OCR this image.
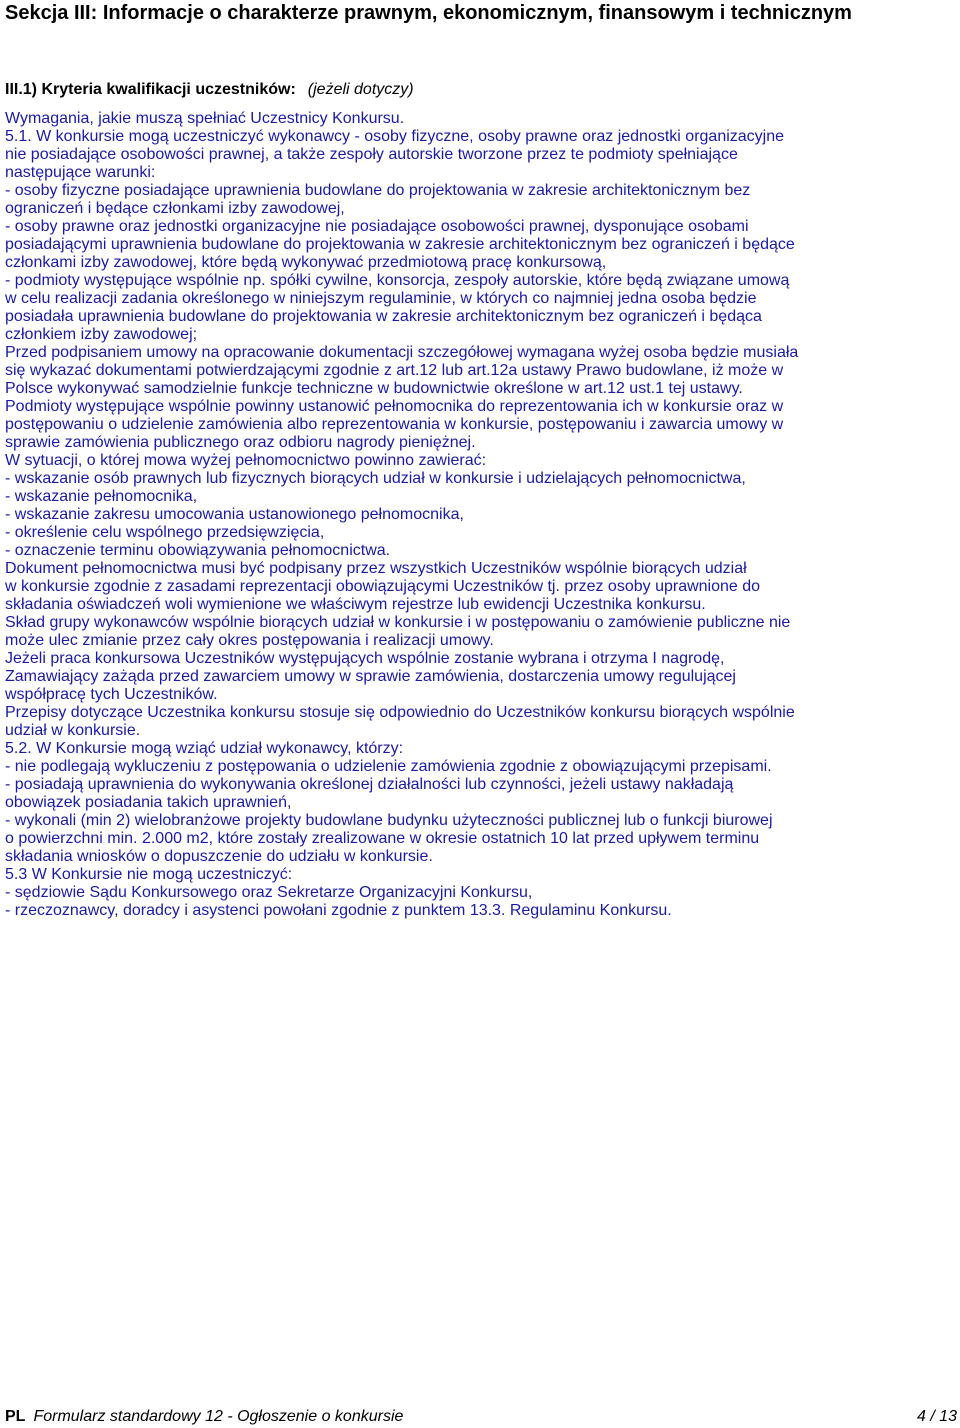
Sekcja III: Informacje o charakterze prawnym, ekonomicznym, finansowym i technicznym
III.1) Kryteria kwalifikacji uczestników: (jeżeli dotyczy)
Wymagania, jakie muszą spełniać Uczestnicy Konkursu.
5.1. W konkursie mogą uczestniczyć wykonawcy - osoby fizyczne, osoby prawne oraz jednostki organizacyjne
nie posiadające osobowości prawnej, a także zespoły autorskie tworzone przez te podmioty spełniające
następujące warunki:
- osoby fizyczne posiadające uprawnienia budowlane do projektowania w zakresie architektonicznym bez
ograniczeń i będące członkami izby zawodowej,
- osoby prawne oraz jednostki organizacyjne nie posiadające osobowości prawnej, dysponujące osobami
posiadającymi uprawnienia budowlane do projektowania w zakresie architektonicznym bez ograniczeń i będące
członkami izby zawodowej, które będą wykonywać przedmiotową pracę konkursową,
- podmioty występujące wspólnie np. spółki cywilne, konsorcja, zespoły autorskie, które będą związane umową
w celu realizacji zadania określonego w niniejszym regulaminie, w których co najmniej jedna osoba będzie
posiadała uprawnienia budowlane do projektowania w zakresie architektonicznym bez ograniczeń i będąca
członkiem izby zawodowej;
Przed podpisaniem umowy na opracowanie dokumentacji szczegółowej wymagana wyżej osoba będzie musiała
się wykazać dokumentami potwierdzającymi zgodnie z art.12 lub art.12a ustawy Prawo budowlane, iż może w
Polsce wykonywać samodzielnie funkcje techniczne w budownictwie określone w art.12 ust.1 tej ustawy.
Podmioty występujące wspólnie powinny ustanowić pełnomocnika do reprezentowania ich w konkursie oraz w
postępowaniu o udzielenie zamówienia albo reprezentowania w konkursie, postępowaniu i zawarcia umowy w
sprawie zamówienia publicznego oraz odbioru nagrody pieniężnej.
W sytuacji, o której mowa wyżej pełnomocnictwo powinno zawierać:
- wskazanie osób prawnych lub fizycznych biorących udział w konkursie i udzielających pełnomocnictwa,
- wskazanie pełnomocnika,
- wskazanie zakresu umocowania ustanowionego pełnomocnika,
- określenie celu wspólnego przedsięwzięcia,
- oznaczenie terminu obowiązywania pełnomocnictwa.
Dokument pełnomocnictwa musi być podpisany przez wszystkich Uczestników wspólnie biorących udział
w konkursie zgodnie z zasadami reprezentacji obowiązującymi Uczestników tj. przez osoby uprawnione do
składania oświadczeń woli wymienione we właściwym rejestrze lub ewidencji Uczestnika konkursu.
Skład grupy wykonawców wspólnie biorących udział w konkursie i w postępowaniu o zamówienie publiczne nie
może ulec zmianie przez cały okres postępowania i realizacji umowy.
Jeżeli praca konkursowa Uczestników występujących wspólnie zostanie wybrana i otrzyma I nagrodę,
Zamawiający zażąda przed zawarciem umowy w sprawie zamówienia, dostarczenia umowy regulującej
współpracę tych Uczestników.
Przepisy dotyczące Uczestnika konkursu stosuje się odpowiednio do Uczestników konkursu biorących wspólnie
udział w konkursie.
5.2. W Konkursie mogą wziąć udział wykonawcy, którzy:
- nie podlegają wykluczeniu z postępowania o udzielenie zamówienia zgodnie z obowiązującymi przepisami.
- posiadają uprawnienia do wykonywania określonej działalności lub czynności, jeżeli ustawy nakładają
obowiązek posiadania takich uprawnień,
- wykonali (min 2) wielobranżowe projekty budowlane budynku użyteczności publicznej lub o funkcji biurowej
o powierzchni min. 2.000 m2, które zostały zrealizowane w okresie ostatnich 10 lat przed upływem terminu
składania wniosków o dopuszczenie do udziału w konkursie.
5.3 W Konkursie nie mogą uczestniczyć:
- sędziowie Sądu Konkursowego oraz Sekretarze Organizacyjni Konkursu,
- rzeczoznawcy, doradcy i asystenci powołani zgodnie z punktem 13.3. Regulaminu Konkursu.
PL Formularz standardowy 12 - Ogłoszenie o konkursie	4 / 13
